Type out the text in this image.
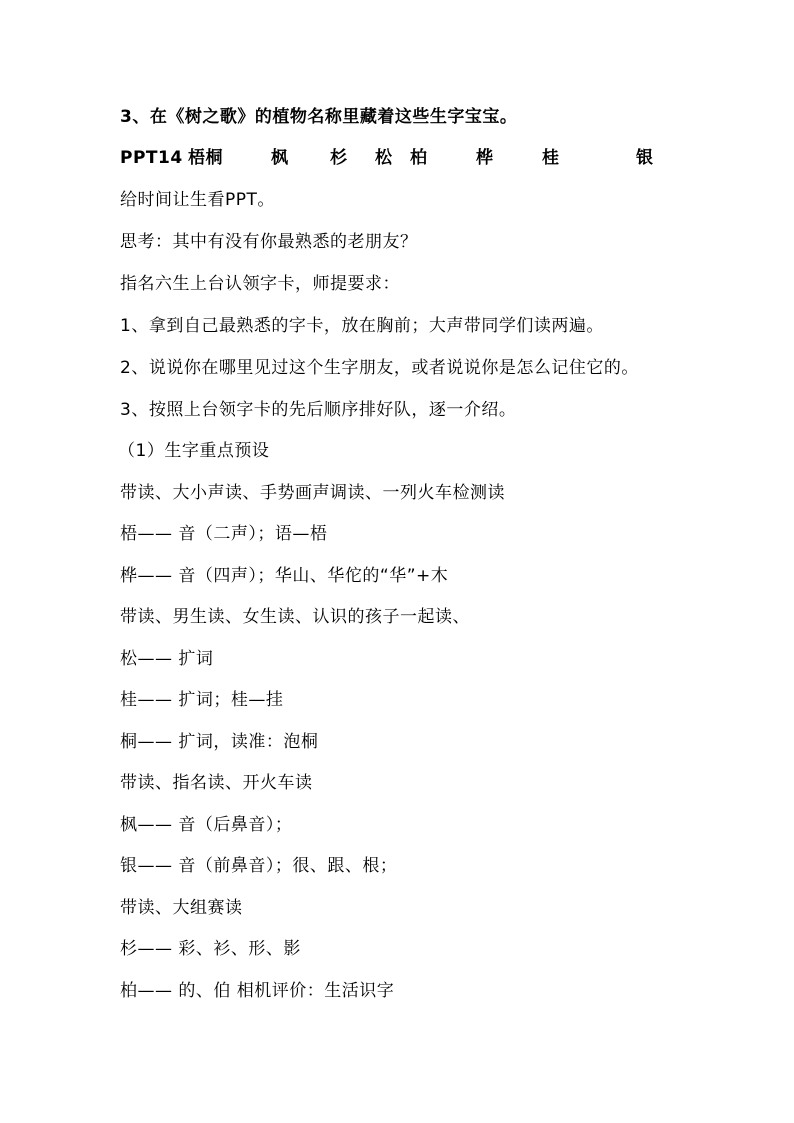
3、在《树之歌》的植物名称里藏着这些生字宝宝。
PPT14 梧桐	枫 杉 松 柏	桦	桂	银
给时间让生看PPT。
思考：其中有没有你最熟悉的老朋友？
指名六生上台认领字卡，师提要求：
1、拿到自己最熟悉的字卡，放在胸前；大声带同学们读两遍。
2、说说你在哪里见过这个生字朋友，或者说说你是怎么记住它的。
3、按照上台领字卡的先后顺序排好队，逐一介绍。
（1）生字重点预设
带读、大小声读、手势画声调读、一列火车检测读
梧—— 音（二声）；语—梧
桦—— 音（四声）；华山、华佗的“华”+木
带读、男生读、女生读、认识的孩子一起读、
松—— 扩词
桂—— 扩词；桂—挂
桐—— 扩词，读准：泡桐
带读、指名读、开火车读
枫—— 音（后鼻音）；
银—— 音（前鼻音）；很、跟、根；
带读、大组赛读
杉—— 彩、衫、形、影
柏—— 的、伯 相机评价：生活识字
